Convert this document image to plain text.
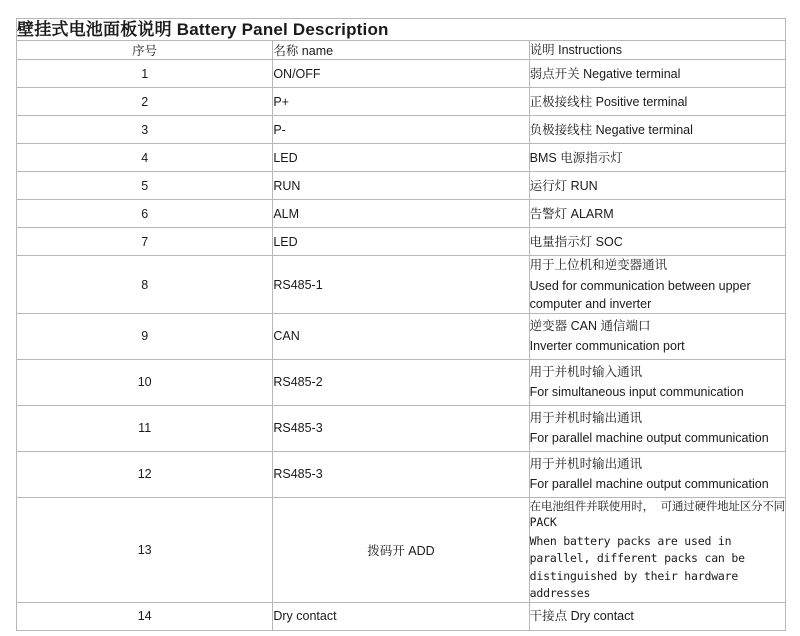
壁挂式电池面板说明 Battery Panel Description		
序号	名称 name	说明 Instructions
1	ON/OFF	弱点开关 Negative terminal

2	P+	正极接线柱 Positive terminal

3	P-	负极接线柱 Negative terminal

4	LED	BMS 电源指示灯

5	RUN	运行灯 RUN

6	ALM	告警灯 ALARM

7	LED	电量指示灯 SOC

8	RS485-1	用于上位机和逆变器通讯
Used for communication between upper computer and inverter

9	CAN	逆变器 CAN 通信端口
Inverter communication port

10	RS485-2	用于并机时输入通讯
For simultaneous input communication

11	RS485-3	用于并机时输出通讯
For parallel machine output communication

12	RS485-3	用于并机时输出通讯
For parallel machine output communication

13	拨码开 ADD	在电池组件并联使用时， 可通过硬件地址区分不同 PACK
When battery packs are used in parallel, different packs can be
distinguished by their hardware addresses

14	Dry contact	干接点 Dry contact
